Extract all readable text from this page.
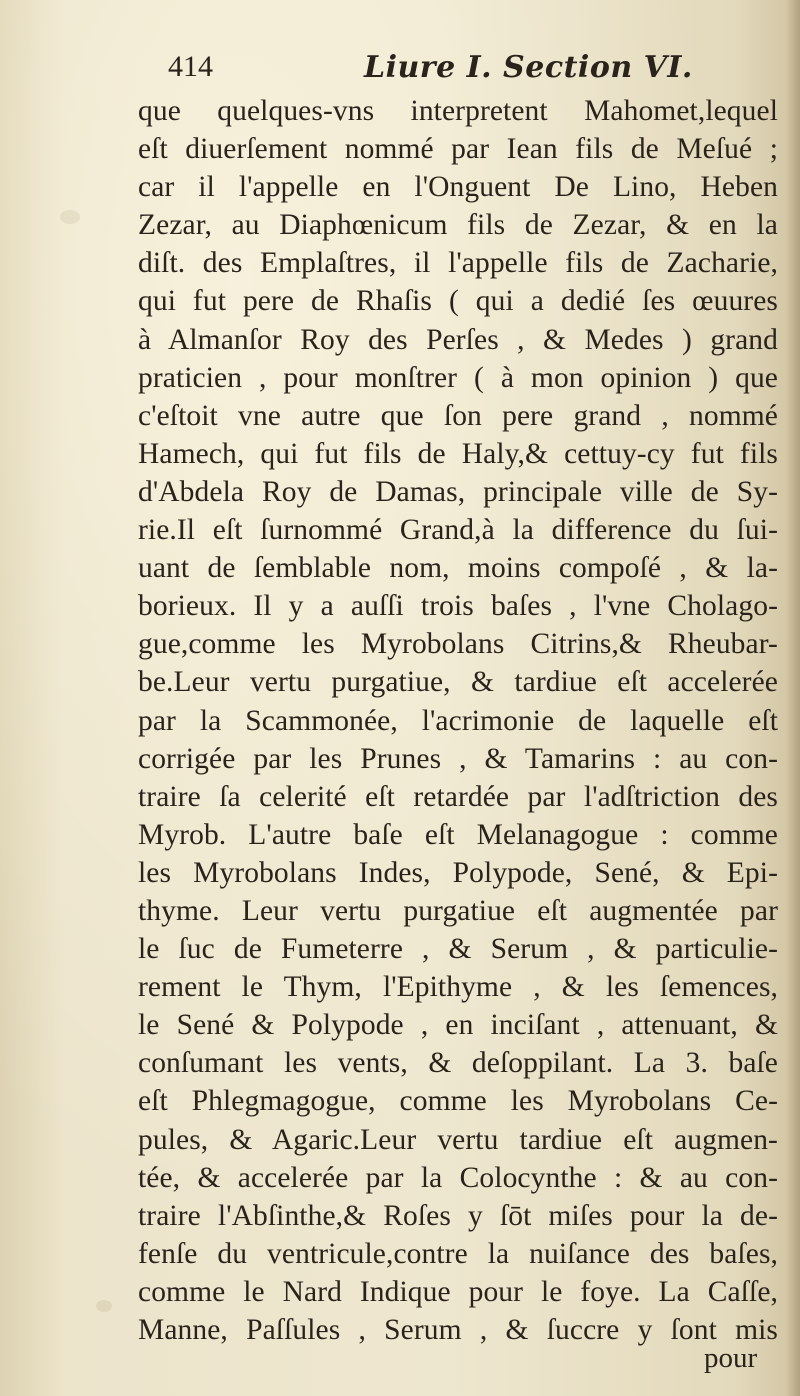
414	Liure I. Section VI.
que quelques-vns interpretent Mahomet,lequel
eſt diuerſement nommé par Iean fils de Meſué ;
car il l'appelle en l'Onguent De Lino, Heben
Zezar, au Diaphœnicum fils de Zezar, & en la
diſt. des Emplaſtres, il l'appelle fils de Zacharie,
qui fut pere de Rhaſis ( qui a dedié ſes œuures
à Almanſor Roy des Perſes , & Medes ) grand
praticien , pour monſtrer ( à mon opinion ) que
c'eſtoit vne autre que ſon pere grand , nommé
Hamech, qui fut fils de Haly,& cettuy-cy fut fils
d'Abdela Roy de Damas, principale ville de Sy-
rie.Il eſt ſurnommé Grand,à la difference du ſui-
uant de ſemblable nom, moins compoſé , & la-
borieux. Il y a auſſi trois baſes , l'vne Cholago-
gue,comme les Myrobolans Citrins,& Rheubar-
be.Leur vertu purgatiue, & tardiue eſt accelerée
par la Scammonée, l'acrimonie de laquelle eſt
corrigée par les Prunes , & Tamarins : au con-
traire ſa celerité eſt retardée par l'adſtriction des
Myrob. L'autre baſe eſt Melanagogue : comme
les Myrobolans Indes, Polypode, Sené, & Epi-
thyme. Leur vertu purgatiue eſt augmentée par
le ſuc de Fumeterre , & Serum , & particulie-
rement le Thym, l'Epithyme , & les ſemences,
le Sené & Polypode , en inciſant , attenuant, &
conſumant les vents, & deſoppilant. La 3. baſe
eſt Phlegmagogue, comme les Myrobolans Ce-
pules, & Agaric.Leur vertu tardiue eſt augmen-
tée, & accelerée par la Colocynthe : & au con-
traire l'Abſinthe,& Roſes y ſōt miſes pour la de-
fenſe du ventricule,contre la nuiſance des baſes,
comme le Nard Indique pour le foye. La Caſſe,
Manne, Paſſules , Serum , & ſuccre y ſont mis
pour
